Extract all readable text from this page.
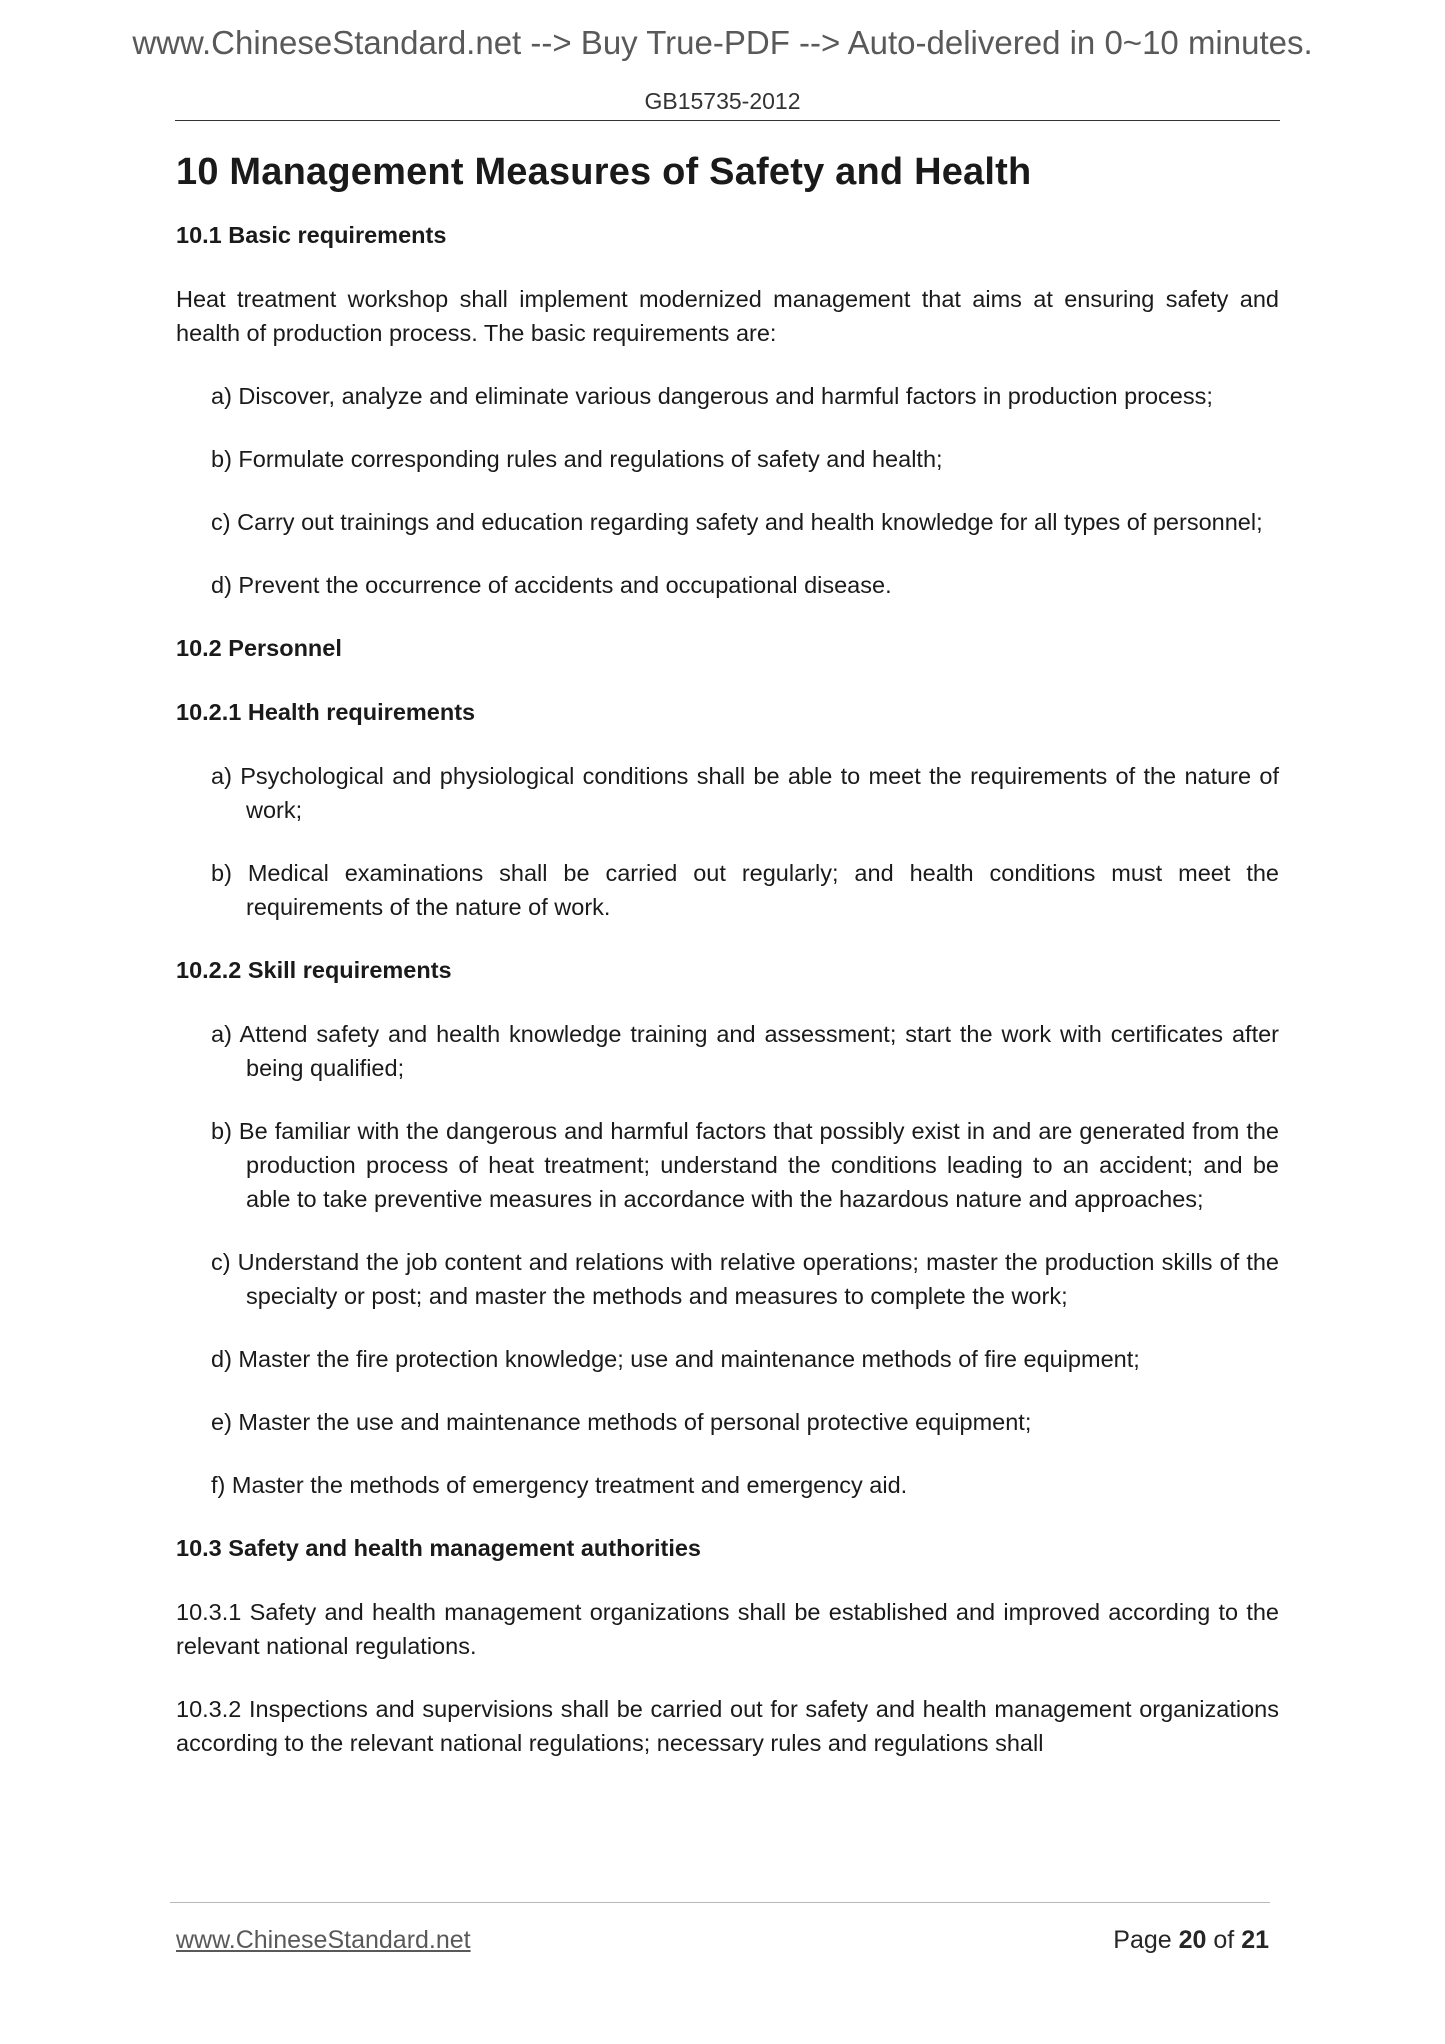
www.ChineseStandard.net --> Buy True-PDF --> Auto-delivered in 0~10 minutes.
GB15735-2012
10 Management Measures of Safety and Health
10.1 Basic requirements
Heat treatment workshop shall implement modernized management that aims at ensuring safety and health of production process. The basic requirements are:
a) Discover, analyze and eliminate various dangerous and harmful factors in production process;
b) Formulate corresponding rules and regulations of safety and health;
c) Carry out trainings and education regarding safety and health knowledge for all types of personnel;
d) Prevent the occurrence of accidents and occupational disease.
10.2 Personnel
10.2.1 Health requirements
a) Psychological and physiological conditions shall be able to meet the requirements of the nature of work;
b) Medical examinations shall be carried out regularly; and health conditions must meet the requirements of the nature of work.
10.2.2 Skill requirements
a) Attend safety and health knowledge training and assessment; start the work with certificates after being qualified;
b) Be familiar with the dangerous and harmful factors that possibly exist in and are generated from the production process of heat treatment; understand the conditions leading to an accident; and be able to take preventive measures in accordance with the hazardous nature and approaches;
c) Understand the job content and relations with relative operations; master the production skills of the specialty or post; and master the methods and measures to complete the work;
d) Master the fire protection knowledge; use and maintenance methods of fire equipment;
e) Master the use and maintenance methods of personal protective equipment;
f) Master the methods of emergency treatment and emergency aid.
10.3 Safety and health management authorities
10.3.1 Safety and health management organizations shall be established and improved according to the relevant national regulations.
10.3.2 Inspections and supervisions shall be carried out for safety and health management organizations according to the relevant national regulations; necessary rules and regulations shall
www.ChineseStandard.net	Page 20 of 21
